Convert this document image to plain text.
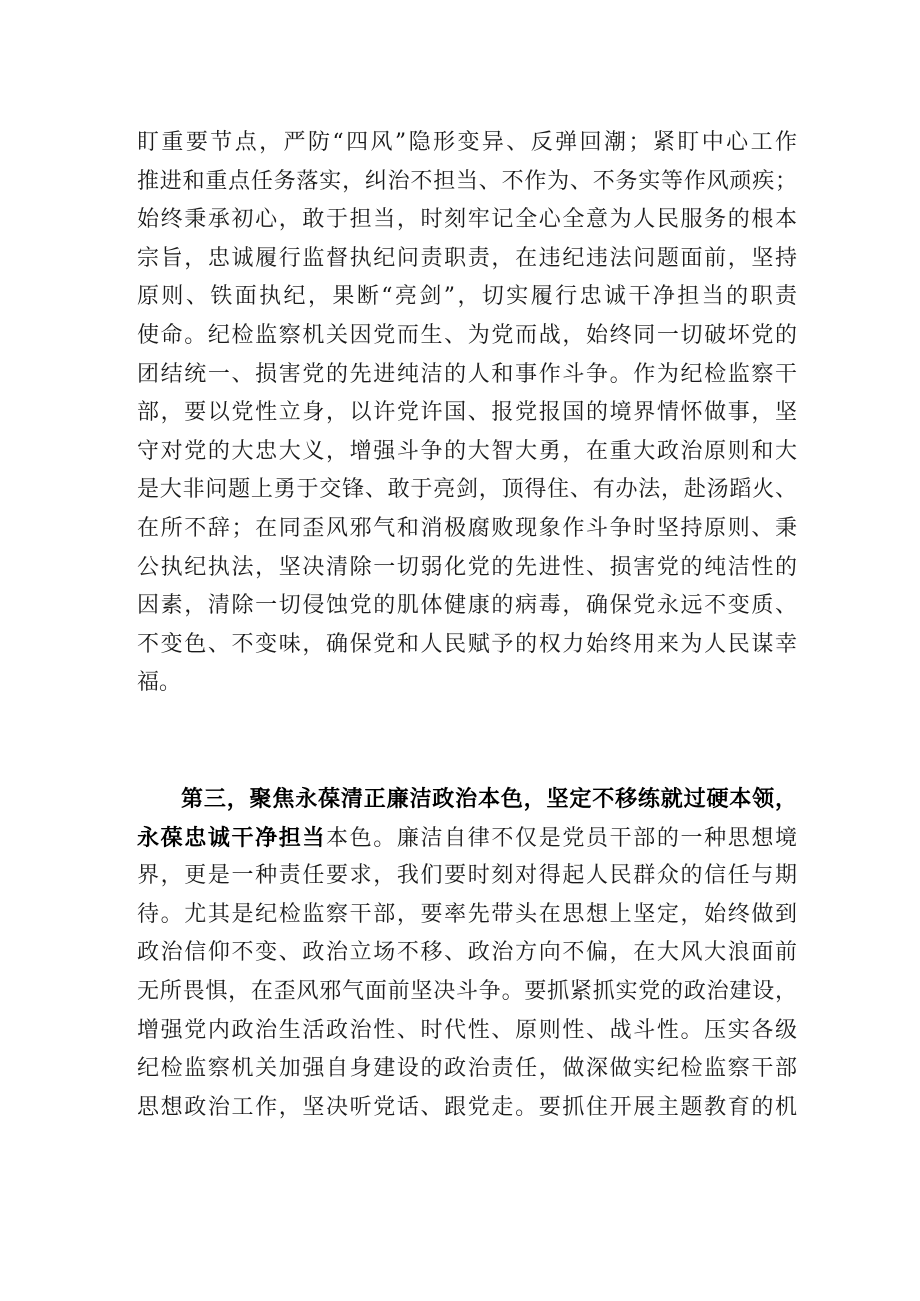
盯重要节点，严防“四风”隐形变异、反弹回潮；紧盯中心工作
推进和重点任务落实，纠治不担当、不作为、不务实等作风顽疾；
始终秉承初心，敢于担当，时刻牢记全心全意为人民服务的根本
宗旨，忠诚履行监督执纪问责职责，在违纪违法问题面前，坚持
原则、铁面执纪，果断“亮剑”，切实履行忠诚干净担当的职责
使命。纪检监察机关因党而生、为党而战，始终同一切破坏党的
团结统一、损害党的先进纯洁的人和事作斗争。作为纪检监察干
部，要以党性立身，以许党许国、报党报国的境界情怀做事，坚
守对党的大忠大义，增强斗争的大智大勇，在重大政治原则和大
是大非问题上勇于交锋、敢于亮剑，顶得住、有办法，赴汤蹈火、
在所不辞；在同歪风邪气和消极腐败现象作斗争时坚持原则、秉
公执纪执法，坚决清除一切弱化党的先进性、损害党的纯洁性的
因素，清除一切侵蚀党的肌体健康的病毒，确保党永远不变质、
不变色、不变味，确保党和人民赋予的权力始终用来为人民谋幸
福。
第三，聚焦永葆清正廉洁政治本色，坚定不移练就过硬本领，
永葆忠诚干净担当本色。廉洁自律不仅是党员干部的一种思想境
界，更是一种责任要求，我们要时刻对得起人民群众的信任与期
待。尤其是纪检监察干部，要率先带头在思想上坚定，始终做到
政治信仰不变、政治立场不移、政治方向不偏，在大风大浪面前
无所畏惧，在歪风邪气面前坚决斗争。要抓紧抓实党的政治建设，
增强党内政治生活政治性、时代性、原则性、战斗性。压实各级
纪检监察机关加强自身建设的政治责任，做深做实纪检监察干部
思想政治工作，坚决听党话、跟党走。要抓住开展主题教育的机
